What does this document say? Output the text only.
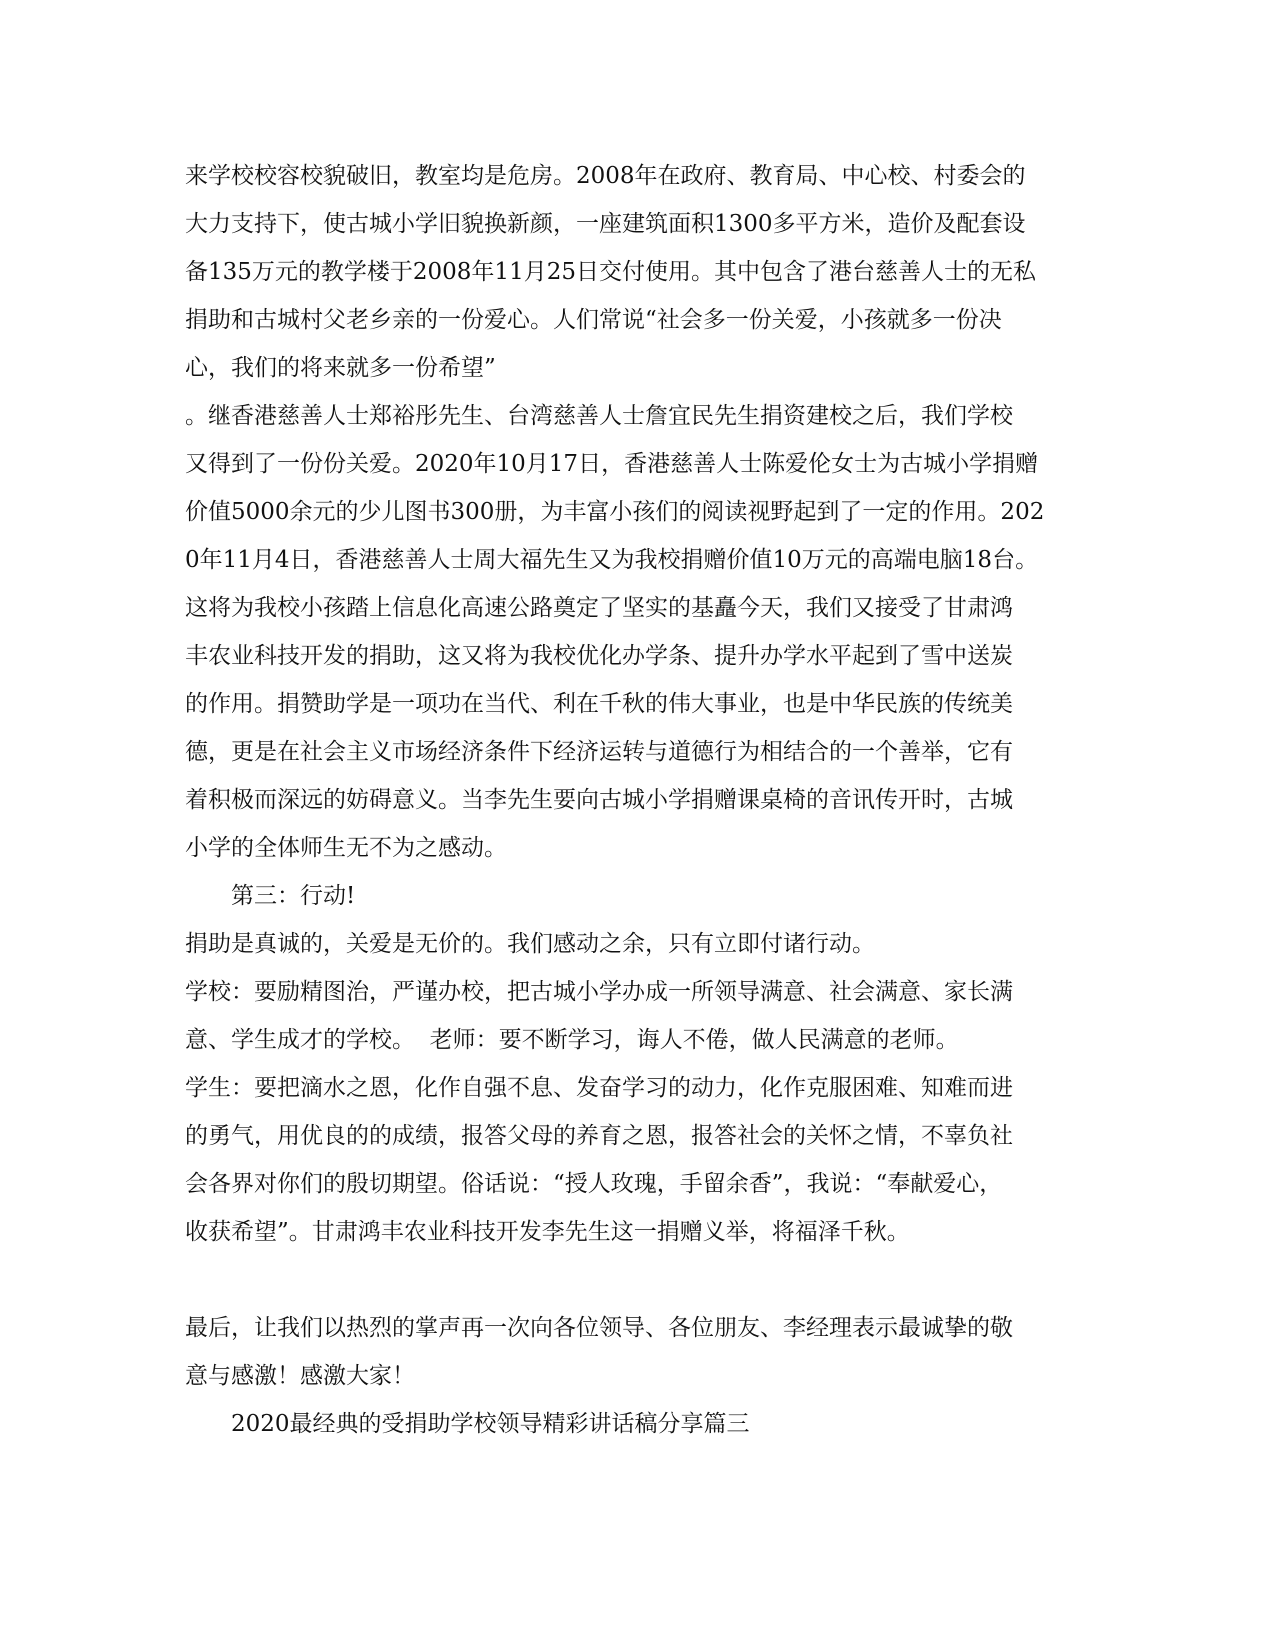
来学校校容校貌破旧，教室均是危房。2008年在政府、教育局、中心校、村委会的
大力支持下，使古城小学旧貌换新颜，一座建筑面积1300多平方米，造价及配套设
备135万元的教学楼于2008年11月25日交付使用。其中包含了港台慈善人士的无私
捐助和古城村父老乡亲的一份爱心。人们常说“社会多一份关爱，小孩就多一份决
心，我们的将来就多一份希望”
。继香港慈善人士郑裕彤先生、台湾慈善人士詹宜民先生捐资建校之后，我们学校
又得到了一份份关爱。2020年10月17日，香港慈善人士陈爱伦女士为古城小学捐赠
价值5000余元的少儿图书300册，为丰富小孩们的阅读视野起到了一定的作用。202
0年11月4日，香港慈善人士周大福先生又为我校捐赠价值10万元的高端电脑18台。
这将为我校小孩踏上信息化高速公路奠定了坚实的基矗今天，我们又接受了甘肃鸿
丰农业科技开发的捐助，这又将为我校优化办学条、提升办学水平起到了雪中送炭
的作用。捐赞助学是一项功在当代、利在千秋的伟大事业，也是中华民族的传统美
德，更是在社会主义市场经济条件下经济运转与道德行为相结合的一个善举，它有
着积极而深远的妨碍意义。当李先生要向古城小学捐赠课桌椅的音讯传开时，古城
小学的全体师生无不为之感动。
第三：行动!
捐助是真诚的，关爱是无价的。我们感动之余，只有立即付诸行动。
学校：要励精图治，严谨办校，把古城小学办成一所领导满意、社会满意、家长满
意、学生成才的学校。  老师：要不断学习，诲人不倦，做人民满意的老师。
学生：要把滴水之恩，化作自强不息、发奋学习的动力，化作克服困难、知难而进
的勇气，用优良的的成绩，报答父母的养育之恩，报答社会的关怀之情，不辜负社
会各界对你们的殷切期望。俗话说：“授人玫瑰，手留余香”，我说：“奉献爱心，
收获希望”。甘肃鸿丰农业科技开发李先生这一捐赠义举，将福泽千秋。
最后，让我们以热烈的掌声再一次向各位领导、各位朋友、李经理表示最诚挚的敬
意与感激！感激大家！
2020最经典的受捐助学校领导精彩讲话稿分享篇三
